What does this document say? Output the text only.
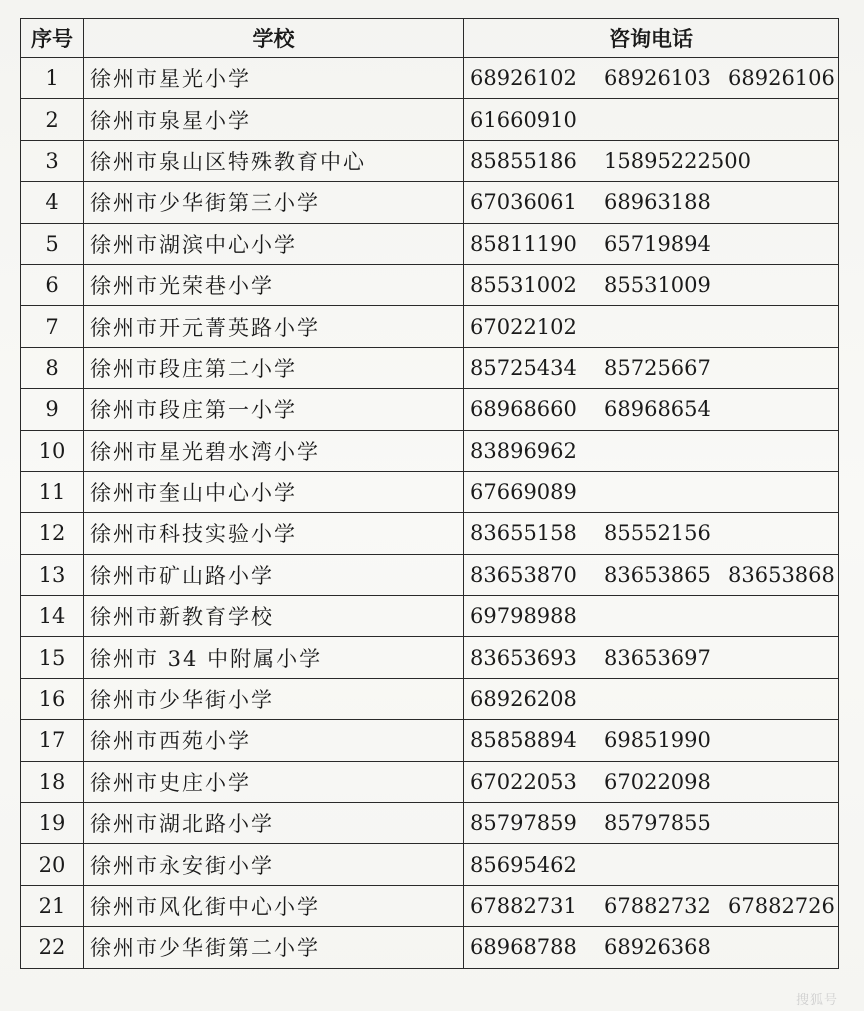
序号	学校	咨询电话
1	徐州市星光小学	68926102 68926103 68926106
2	徐州市泉星小学	61660910
3	徐州市泉山区特殊教育中心	85855186 15895222500
4	徐州市少华街第三小学	67036061 68963188
5	徐州市湖滨中心小学	85811190 65719894
6	徐州市光荣巷小学	85531002 85531009
7	徐州市开元菁英路小学	67022102
8	徐州市段庄第二小学	85725434 85725667
9	徐州市段庄第一小学	68968660 68968654
10	徐州市星光碧水湾小学	83896962
11	徐州市奎山中心小学	67669089
12	徐州市科技实验小学	83655158 85552156
13	徐州市矿山路小学	83653870 83653865 83653868
14	徐州市新教育学校	69798988
15	徐州市 34 中附属小学	83653693 83653697
16	徐州市少华街小学	68926208
17	徐州市西苑小学	85858894 69851990
18	徐州市史庄小学	67022053 67022098
19	徐州市湖北路小学	85797859 85797855
20	徐州市永安街小学	85695462
21	徐州市风化街中心小学	67882731 67882732 67882726
22	徐州市少华街第二小学	68968788 68926368
搜狐号
